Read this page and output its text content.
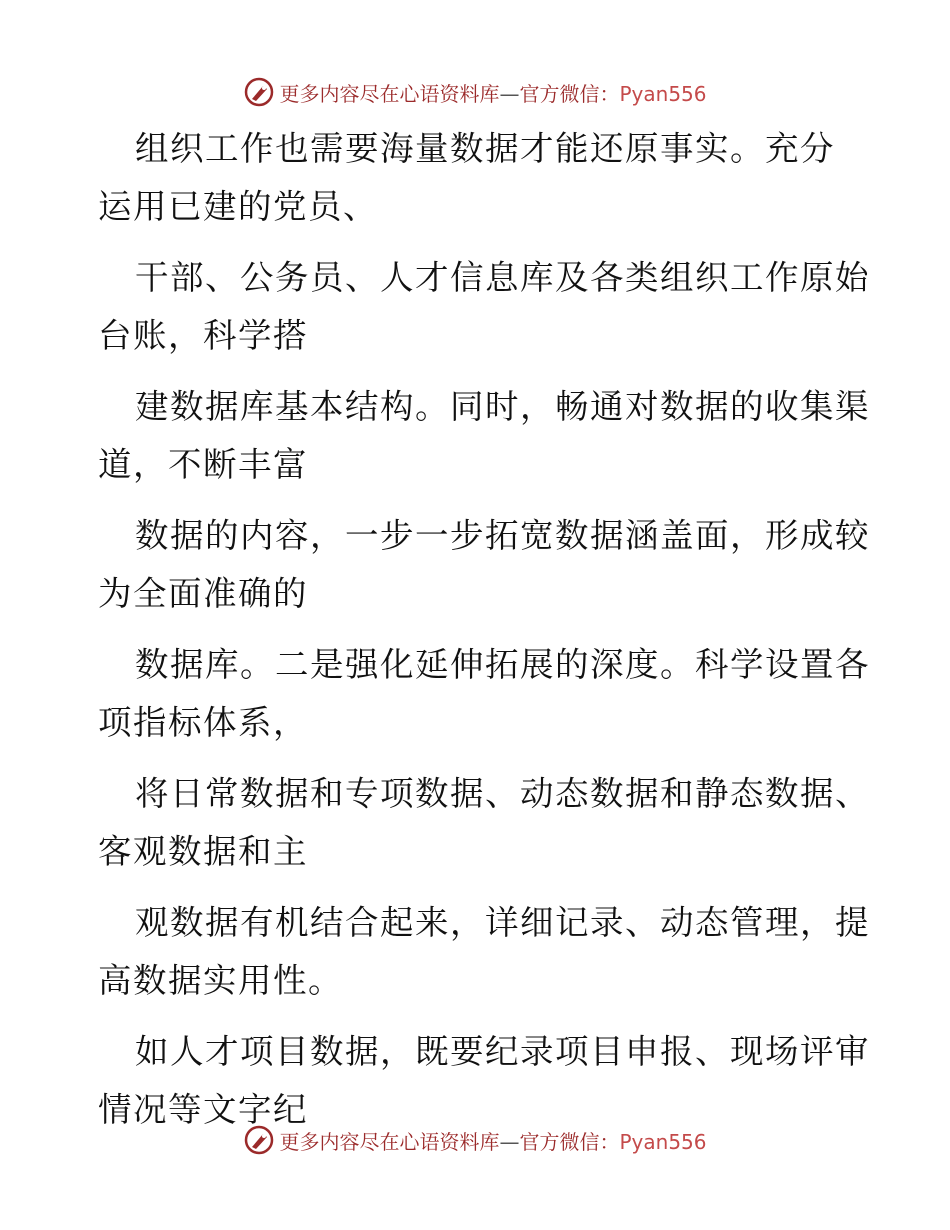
更多内容尽在心语资料库—官方微信：Pyan556
组织工作也需要海量数据才能还原事实。充分
运用已建的党员、
干部、公务员、人才信息库及各类组织工作原始
台账，科学搭
建数据库基本结构。同时，畅通对数据的收集渠
道，不断丰富
数据的内容，一步一步拓宽数据涵盖面，形成较
为全面准确的
数据库。二是强化延伸拓展的深度。科学设置各
项指标体系，
将日常数据和专项数据、动态数据和静态数据、
客观数据和主
观数据有机结合起来，详细记录、动态管理，提
高数据实用性。
如人才项目数据，既要纪录项目申报、现场评审
情况等文字纪
更多内容尽在心语资料库—官方微信：Pyan556
